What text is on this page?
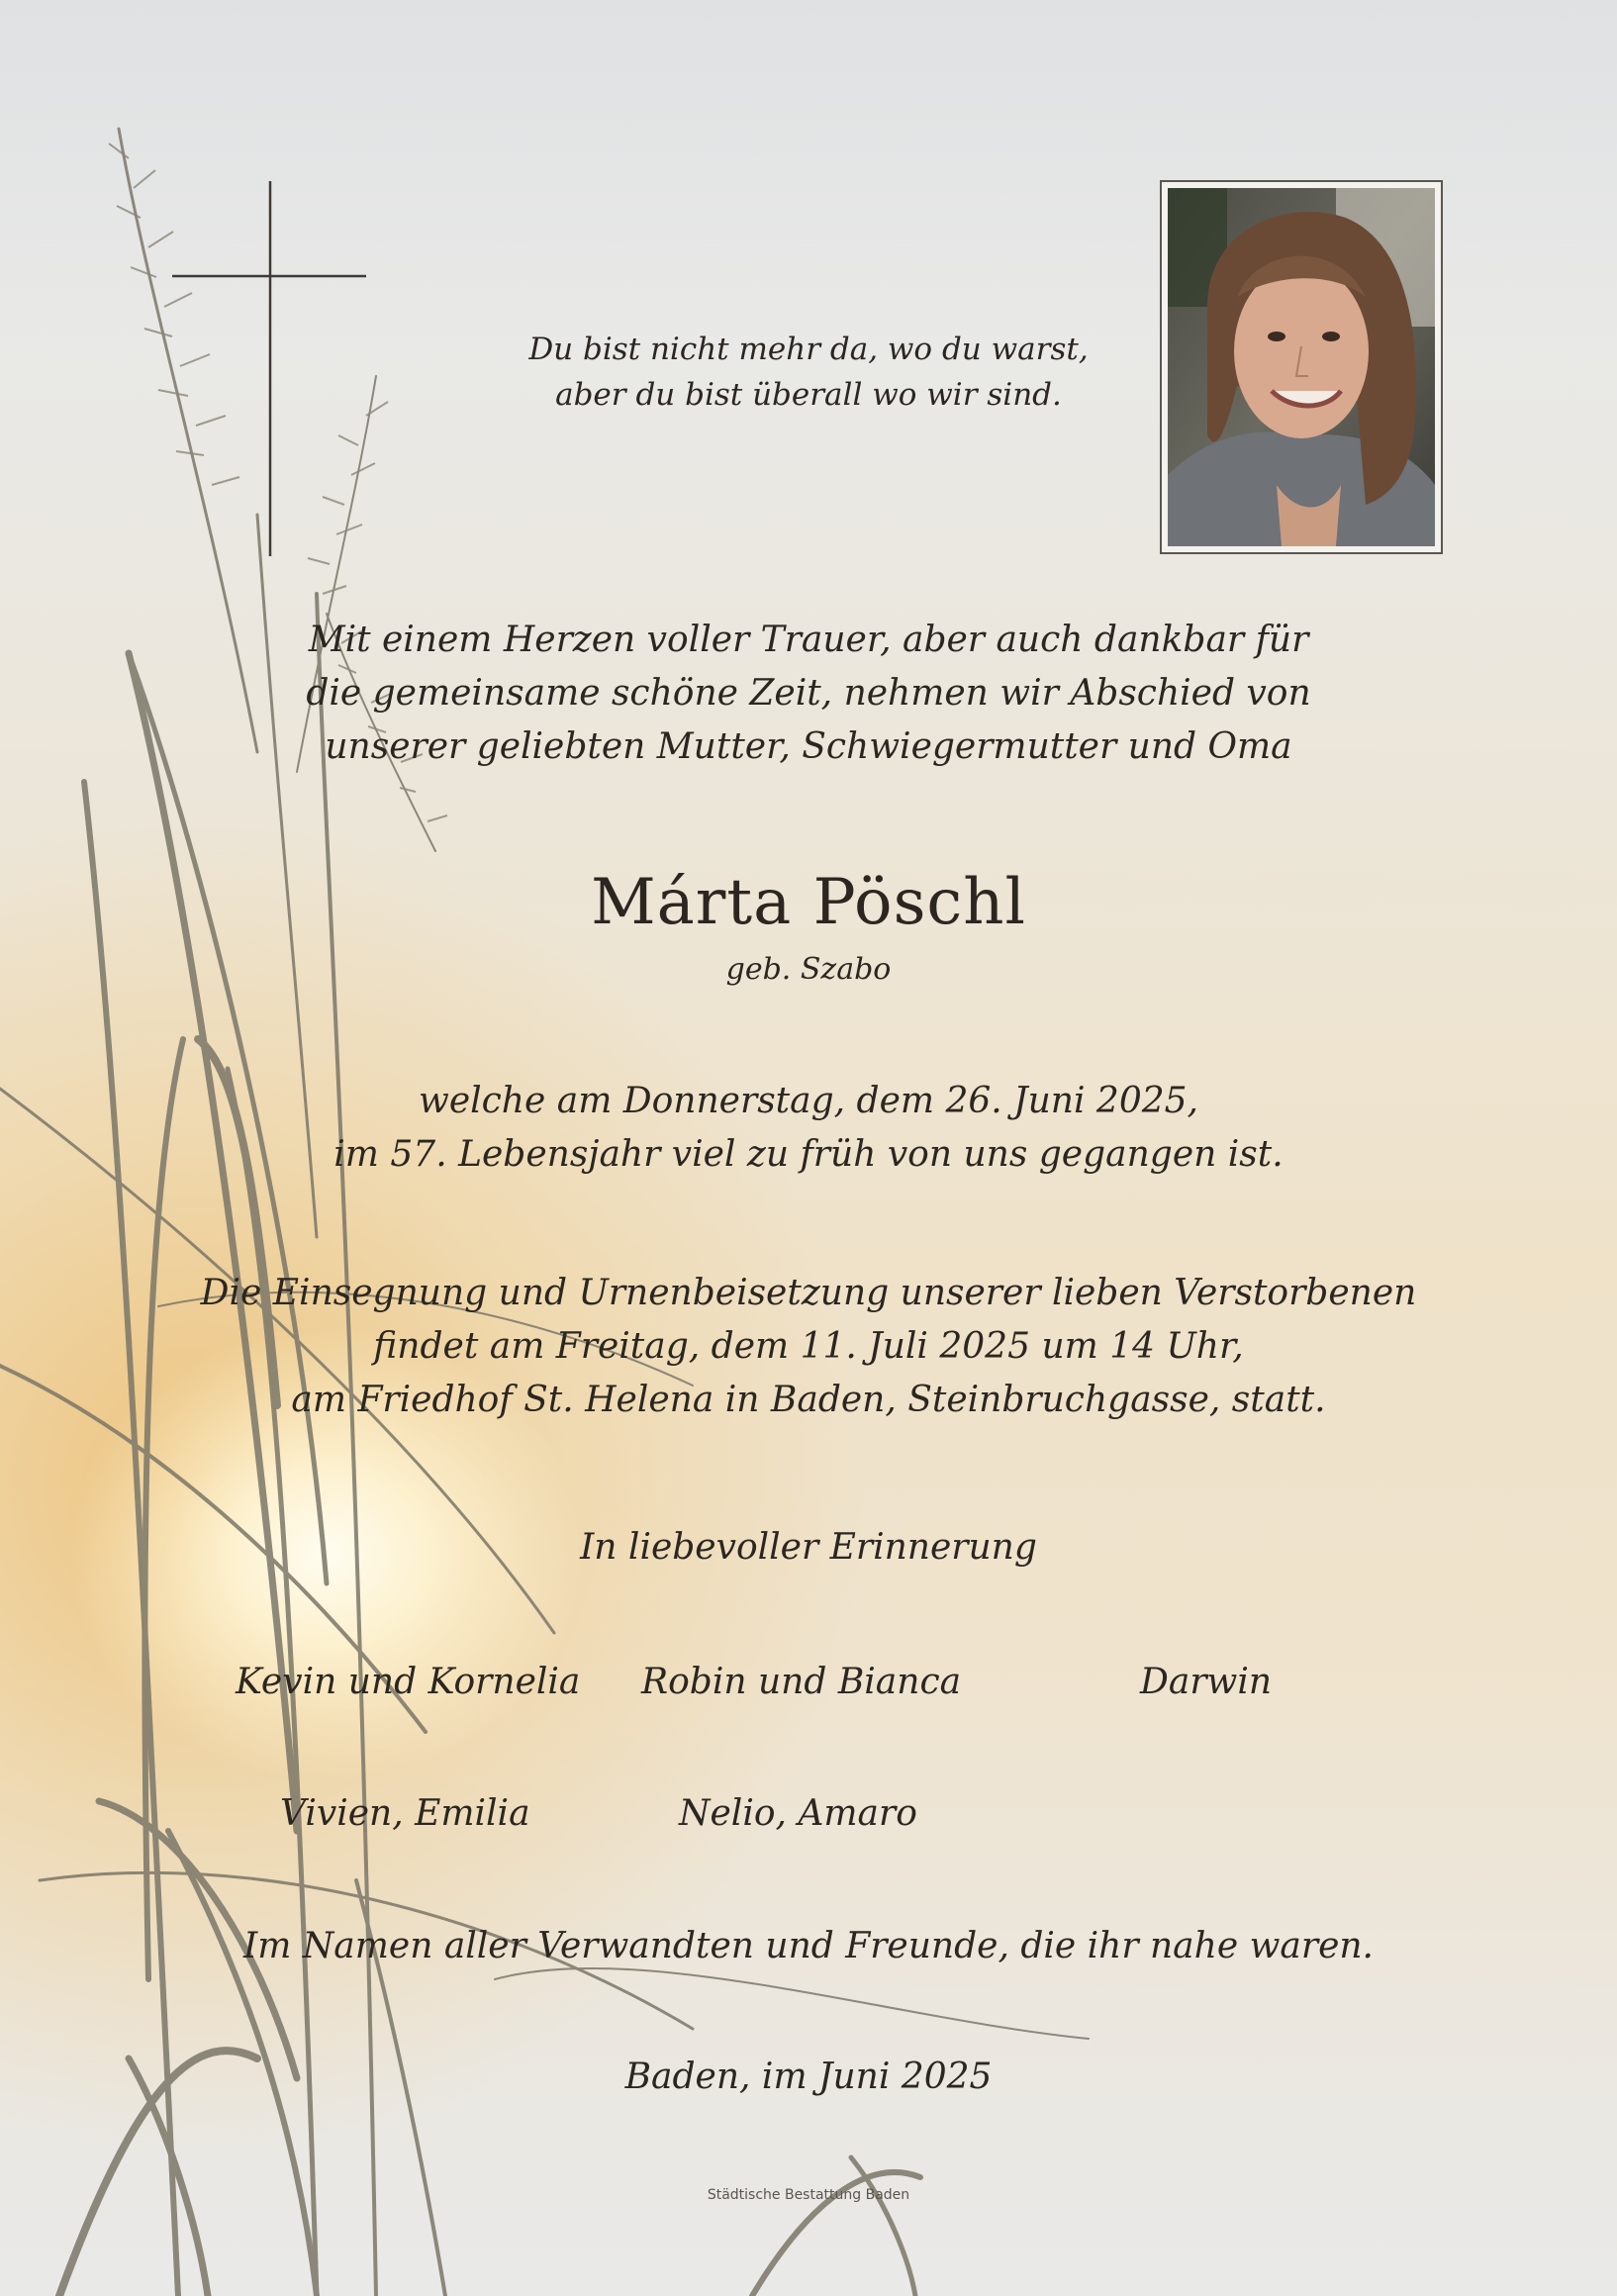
Du bist nicht mehr da, wo du warst,
aber du bist überall wo wir sind.
Mit einem Herzen voller Trauer, aber auch dankbar für
die gemeinsame schöne Zeit, nehmen wir Abschied von
unserer geliebten Mutter, Schwiegermutter und Oma
Márta Pöschl
geb. Szabo
welche am Donnerstag, dem 26. Juni 2025,
im 57. Lebensjahr viel zu früh von uns gegangen ist.
Die Einsegnung und Urnenbeisetzung unserer lieben Verstorbenen
findet am Freitag, dem 11. Juli 2025 um 14 Uhr,
am Friedhof St. Helena in Baden, Steinbruchgasse, statt.
In liebevoller Erinnerung
Kevin und Kornelia Robin und Bianca	Darwin
Vivien, Emilia	Nelio, Amaro
Im Namen aller Verwandten und Freunde, die ihr nahe waren.
Baden, im Juni 2025
Städtische Bestattung Baden
